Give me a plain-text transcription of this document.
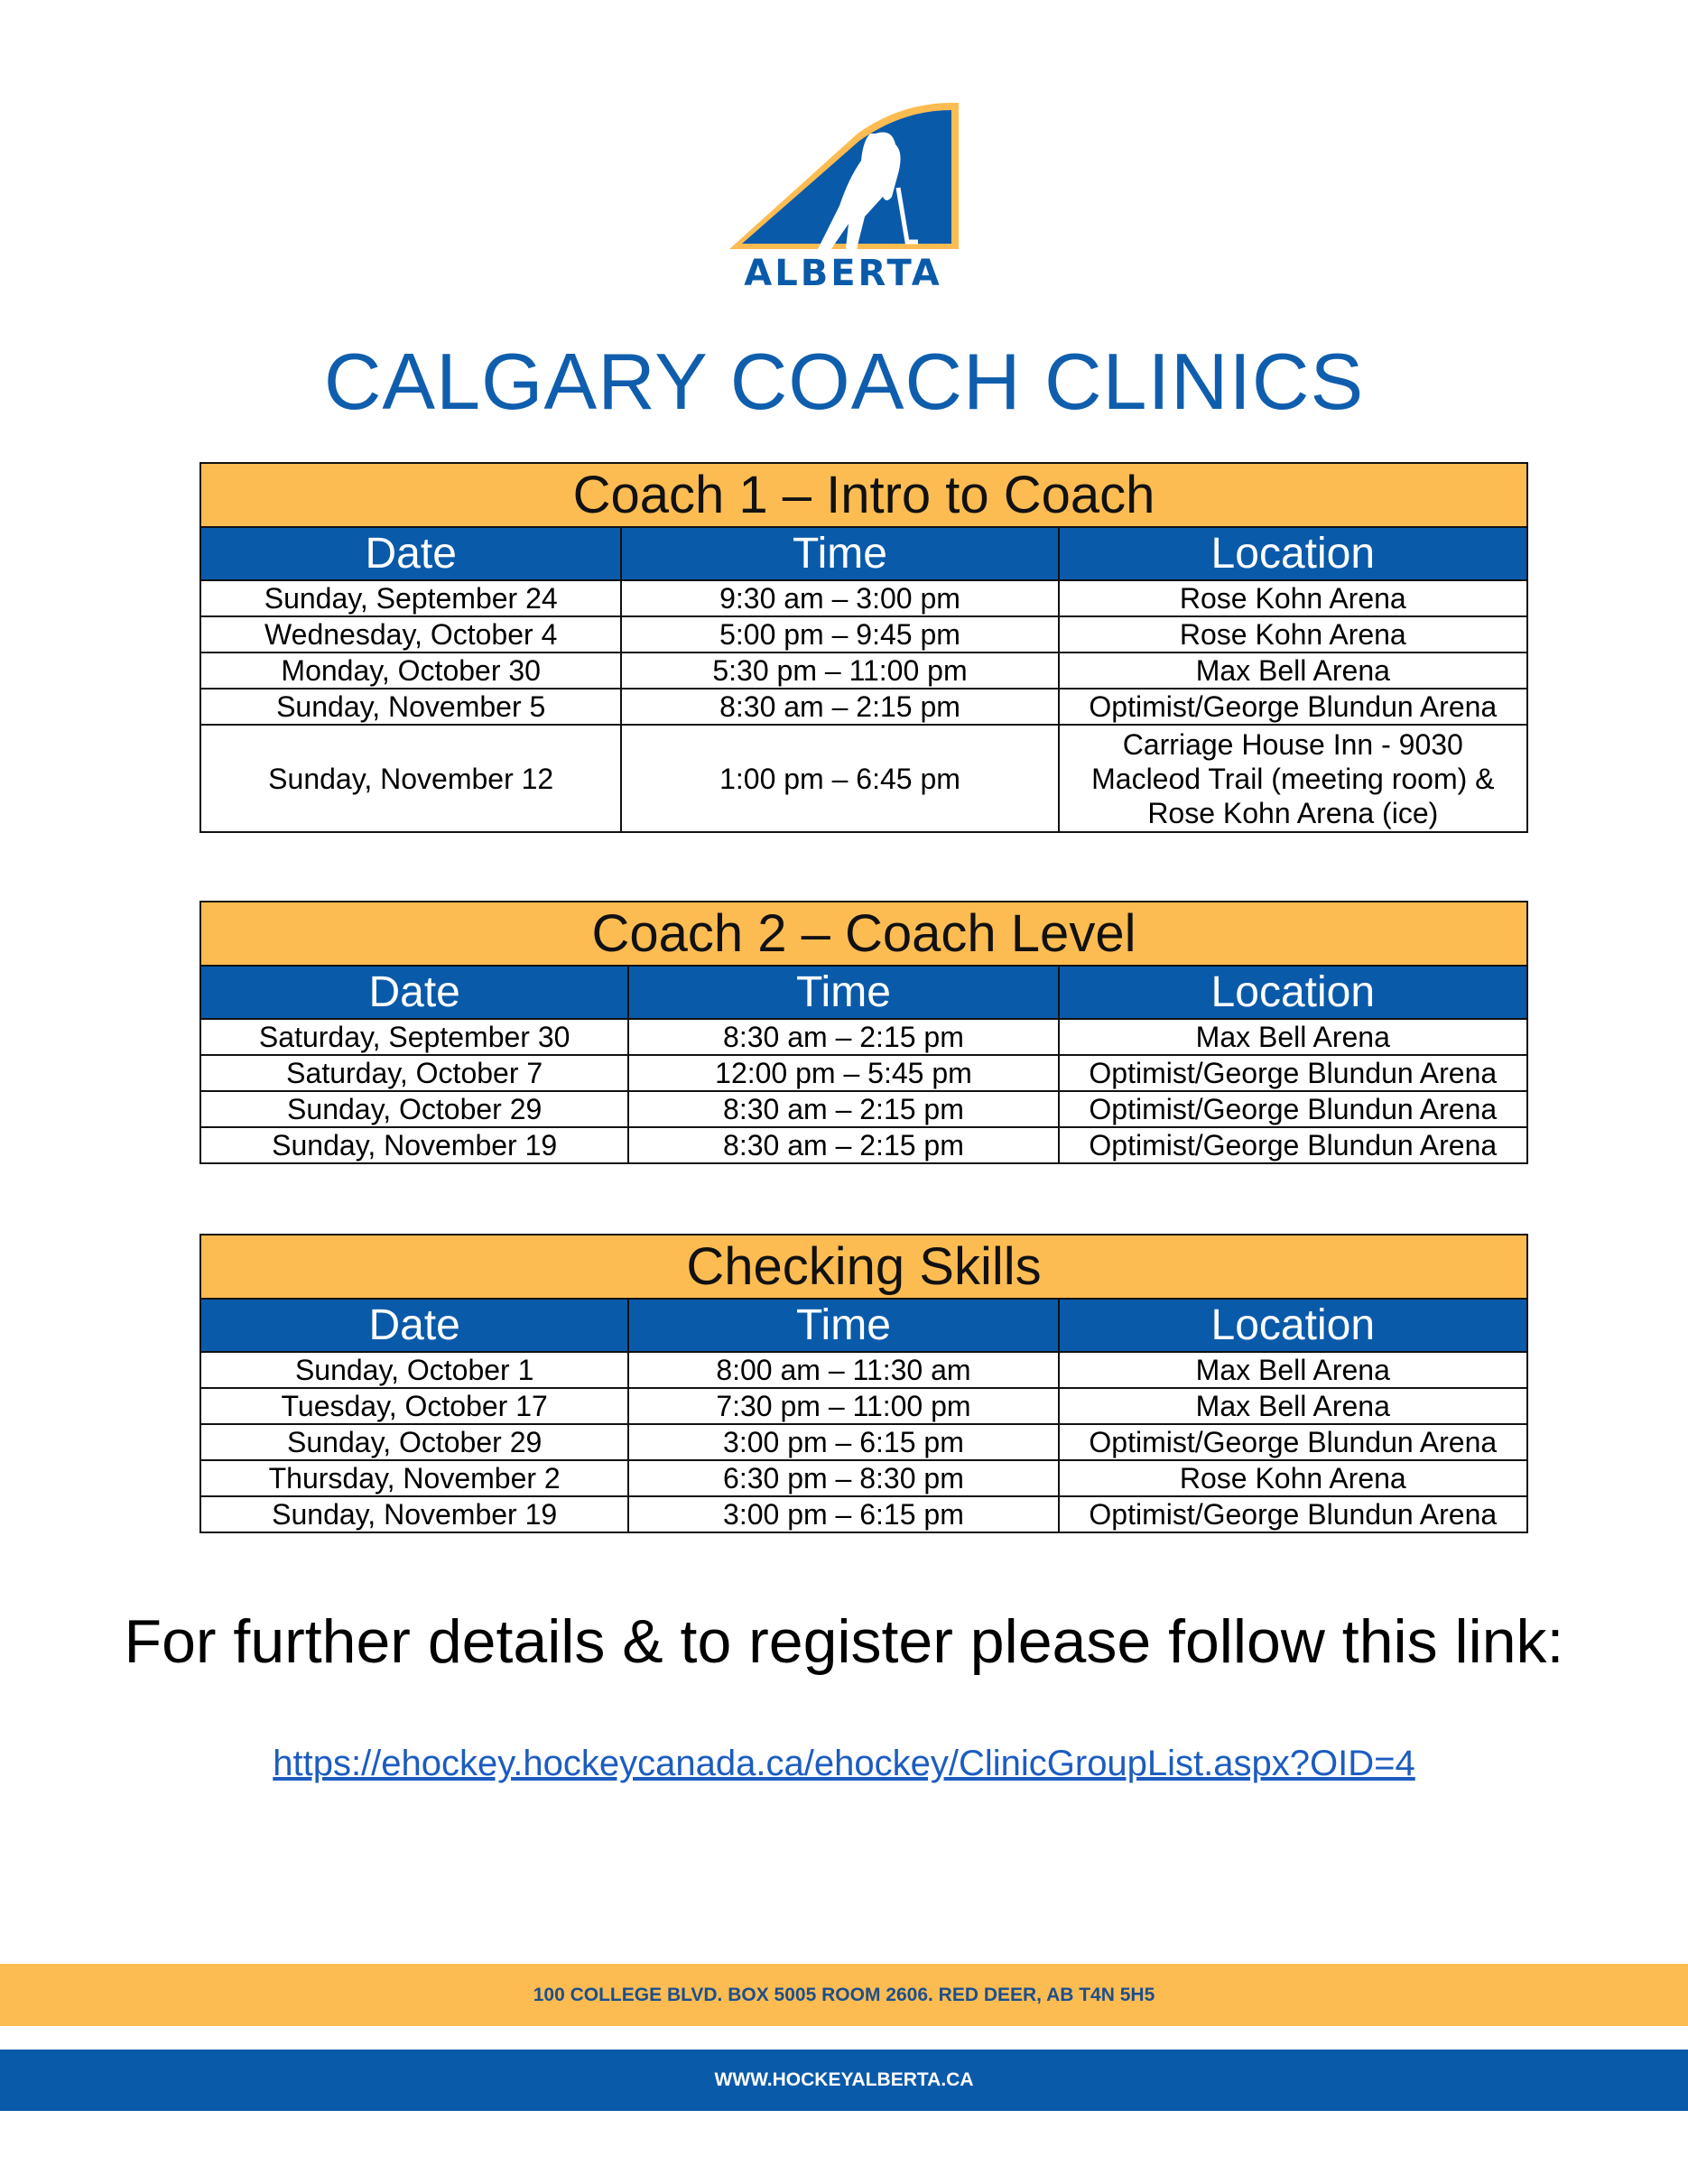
ALBERTA
CALGARY COACH CLINICS
Coach 1 – Intro to Coach		
Date	Time	Location
Sunday, September 24	9:30 am – 3:00 pm	Rose Kohn Arena
Wednesday, October 4	5:00 pm – 9:45 pm	Rose Kohn Arena
Monday, October 30	5:30 pm – 11:00 pm	Max Bell Arena
Sunday, November 5	8:30 am – 2:15 pm	Optimist/George Blundun Arena
Sunday, November 12	1:00 pm – 6:45 pm	Carriage House Inn - 9030 Macleod Trail (meeting room) & Rose Kohn Arena (ice)
Coach 2 – Coach Level		
Date	Time	Location
Saturday, September 30	8:30 am – 2:15 pm	Max Bell Arena
Saturday, October 7	12:00 pm – 5:45 pm	Optimist/George Blundun Arena
Sunday, October 29	8:30 am – 2:15 pm	Optimist/George Blundun Arena
Sunday, November 19	8:30 am – 2:15 pm	Optimist/George Blundun Arena
Checking Skills		
Date	Time	Location
Sunday, October 1	8:00 am – 11:30 am	Max Bell Arena
Tuesday, October 17	7:30 pm – 11:00 pm	Max Bell Arena
Sunday, October 29	3:00 pm – 6:15 pm	Optimist/George Blundun Arena
Thursday, November 2	6:30 pm – 8:30 pm	Rose Kohn Arena
Sunday, November 19	3:00 pm – 6:15 pm	Optimist/George Blundun Arena
For further details & to register please follow this link:
https://ehockey.hockeycanada.ca/ehockey/ClinicGroupList.aspx?OID=4
100 COLLEGE BLVD. BOX 5005 ROOM 2606. RED DEER, AB T4N 5H5
WWW.HOCKEYALBERTA.CA
